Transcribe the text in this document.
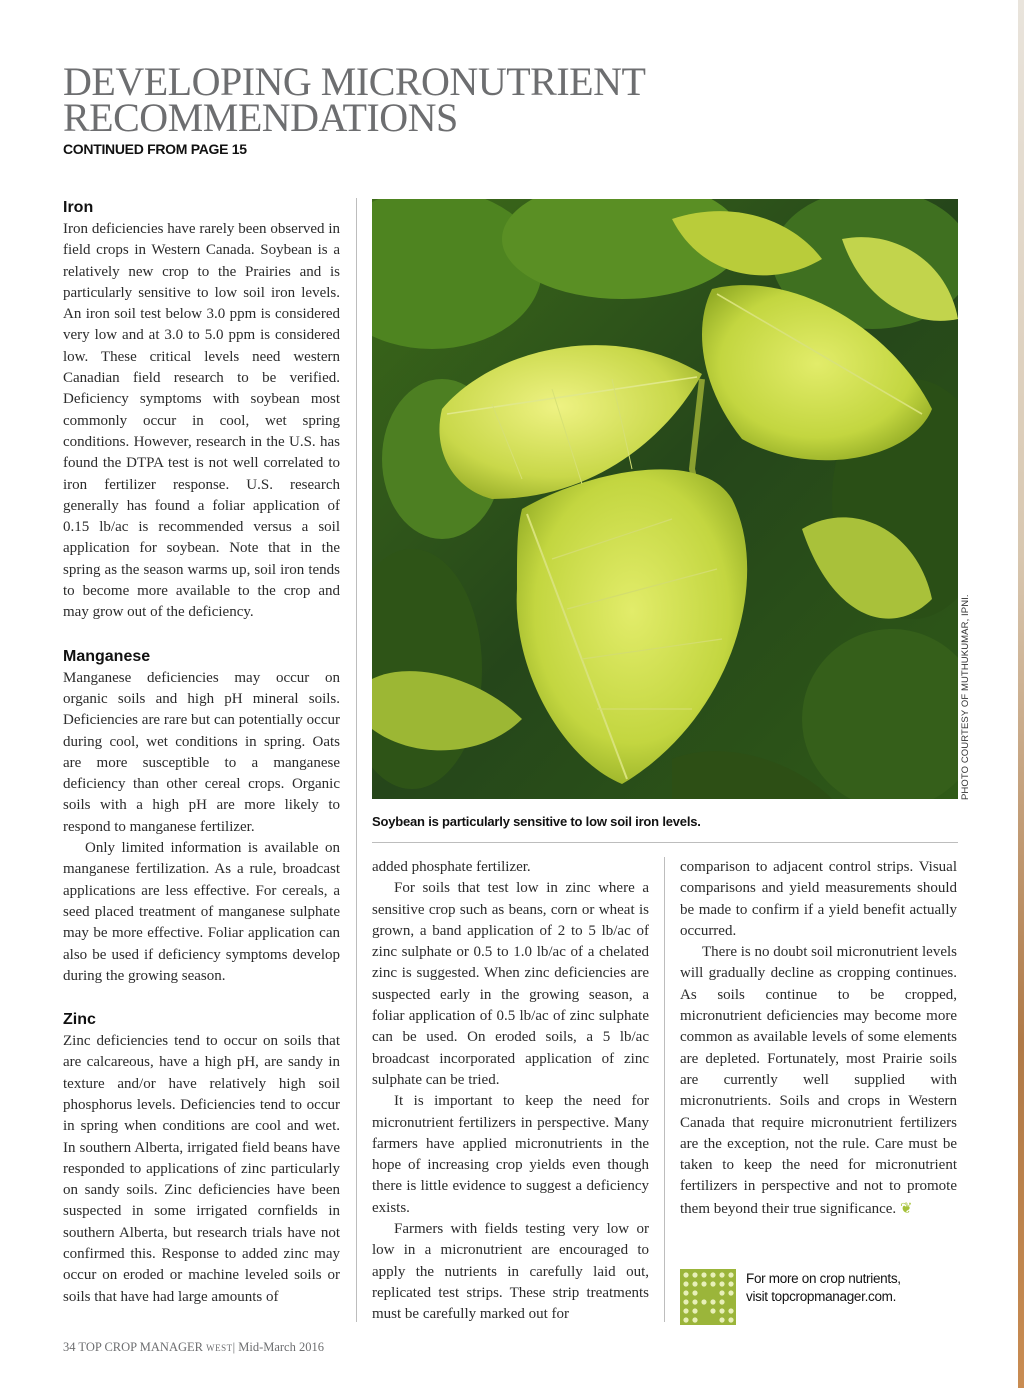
DEVELOPING MICRONUTRIENT RECOMMENDATIONS
CONTINUED FROM PAGE 15
Iron

Iron deficiencies have rarely been observed in field crops in Western Canada. Soybean is a relatively new crop to the Prairies and is particularly sensitive to low soil iron levels. An iron soil test below 3.0 ppm is considered very low and at 3.0 to 5.0 ppm is considered low. These critical levels need western Canadian field research to be verified. Deficiency symptoms with soybean most commonly occur in cool, wet spring conditions. However, research in the U.S. has found the DTPA test is not well correlated to iron fertilizer response. U.S. research generally has found a foliar application of 0.15 lb/ac is recommended versus a soil application for soybean. Note that in the spring as the season warms up, soil iron tends to become more available to the crop and may grow out of the deficiency.

Manganese

Manganese deficiencies may occur on organic soils and high pH mineral soils. Deficiencies are rare but can potentially occur during cool, wet conditions in spring. Oats are more susceptible to a manganese deficiency than other cereal crops. Organic soils with a high pH are more likely to respond to manganese fertilizer.

Only limited information is available on manganese fertilization. As a rule, broadcast applications are less effective. For cereals, a seed placed treatment of manganese sulphate may be more effective. Foliar application can also be used if deficiency symptoms develop during the growing season.

Zinc

Zinc deficiencies tend to occur on soils that are calcareous, have a high pH, are sandy in texture and/or have relatively high soil phosphorus levels. Deficiencies tend to occur in spring when conditions are cool and wet. In southern Alberta, irrigated field beans have responded to applications of zinc particularly on sandy soils. Zinc deficiencies have been suspected in some irrigated cornfields in southern Alberta, but research trials have not confirmed this. Response to added zinc may occur on eroded or machine leveled soils or soils that have had large amounts of

PHOTO COURTESY OF MUTHUKUMAR, IPNI.
Soybean is particularly sensitive to low soil iron levels.

added phosphate fertilizer.

For soils that test low in zinc where a sensitive crop such as beans, corn or wheat is grown, a band application of 2 to 5 lb/ac of zinc sulphate or 0.5 to 1.0 lb/ac of a chelated zinc is suggested. When zinc deficiencies are suspected early in the growing season, a foliar application of 0.5 lb/ac of zinc sulphate can be used. On eroded soils, a 5 lb/ac broadcast incorporated application of zinc sulphate can be tried.

It is important to keep the need for micronutrient fertilizers in perspective. Many farmers have applied micronutrients in the hope of increasing crop yields even though there is little evidence to suggest a deficiency exists.

Farmers with fields testing very low or low in a micronutrient are encouraged to apply the nutrients in carefully laid out, replicated test strips. These strip treatments must be carefully marked out for

comparison to adjacent control strips. Visual comparisons and yield measurements should be made to confirm if a yield benefit actually occurred.

There is no doubt soil micronutrient levels will gradually decline as cropping continues. As soils continue to be cropped, micronutrient deficiencies may become more common as available levels of some elements are depleted. Fortunately, most Prairie soils are currently well supplied with micronutrients. Soils and crops in Western Canada that require micronutrient fertilizers are the exception, not the rule. Care must be taken to keep the need for micronutrient fertilizers in perspective and not to promote them beyond their true significance. ❦

For more on crop nutrients,
visit topcropmanager.com.
34 TOP CROP MANAGER WEST| Mid-March 2016
